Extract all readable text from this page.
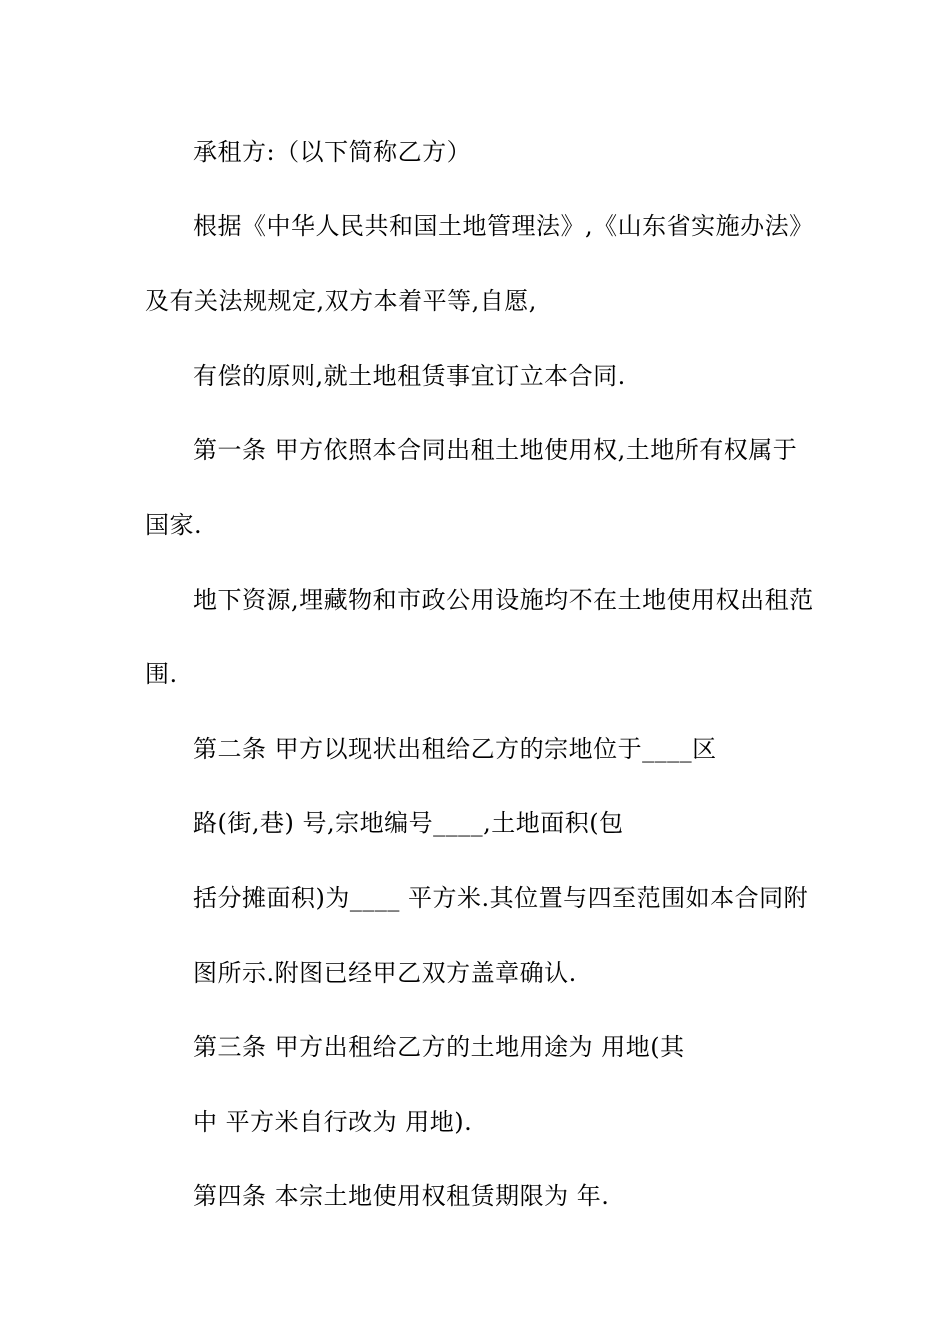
承租方:（以下简称乙方）
根据《中华人民共和国土地管理法》,《山东省实施办法》
及有关法规规定,双方本着平等,自愿,
有偿的原则,就土地租赁事宜订立本合同.
第一条 甲方依照本合同出租土地使用权,土地所有权属于
国家.
地下资源,埋藏物和市政公用设施均不在土地使用权出租范
围.
第二条 甲方以现状出租给乙方的宗地位于____区
路(街,巷) 号,宗地编号____,土地面积(包
括分摊面积)为____ 平方米.其位置与四至范围如本合同附
图所示.附图已经甲乙双方盖章确认.
第三条 甲方出租给乙方的土地用途为 用地(其
中 平方米自行改为 用地).
第四条 本宗土地使用权租赁期限为 年.
